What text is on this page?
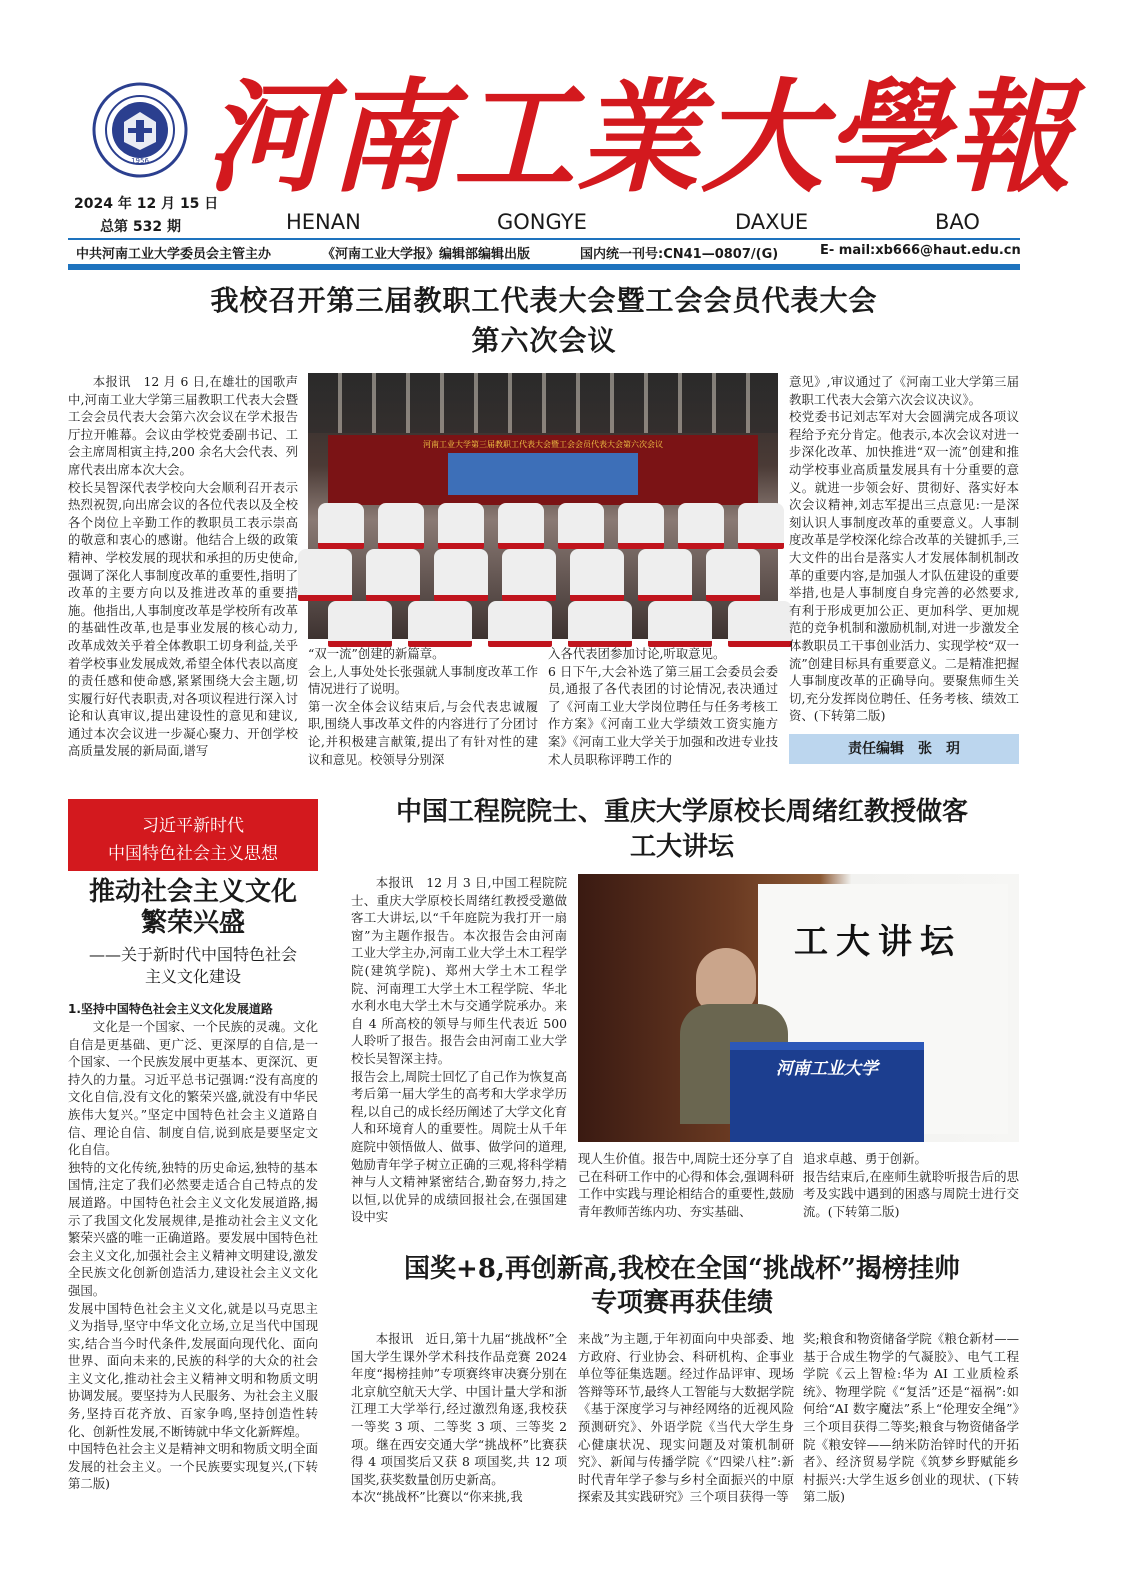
1956 河南工業大學報
2024 年 12 月 15 日
总第 532 期	HENAN	GONGYE	DAXUE	BAO
中共河南工业大学委员会主管主办	《河南工业大学报》编辑部编辑出版	国内统一刊号:CN41—0807/(G)	E- mail:xb666@haut.edu.cn
我校召开第三届教职工代表大会暨工会会员代表大会
第六次会议
本报讯　12 月 6 日,在雄壮的国歌声中,河南工业大学第三届教职工代表大会暨工会会员代表大会第六次会议在学术报告厅拉开帷幕。会议由学校党委副书记、工会主席周相寅主持,200 余名大会代表、列席代表出席本次大会。
校长吴智深代表学校向大会顺利召开表示热烈祝贺,向出席会议的各位代表以及全校各个岗位上辛勤工作的教职员工表示崇高的敬意和衷心的感谢。他结合上级的政策精神、学校发展的现状和承担的历史使命,强调了深化人事制度改革的重要性,指明了改革的主要方向以及推进改革的重要措施。他指出,人事制度改革是学校所有改革的基础性改革,也是事业发展的核心动力,改革成效关乎着全体教职工切身利益,关乎着学校事业发展成效,希望全体代表以高度的责任感和使命感,紧紧围绕大会主题,切实履行好代表职责,对各项议程进行深入讨论和认真审议,提出建设性的意见和建议,通过本次会议进一步凝心聚力、开创学校高质量发展的新局面,谱写
河南工业大学第三届教职工代表大会暨工会会员代表大会第六次会议
“双一流”创建的新篇章。
会上,人事处处长张强就人事制度改革工作情况进行了说明。
第一次全体会议结束后,与会代表忠诚履职,围绕人事改革文件的内容进行了分团讨论,并积极建言献策,提出了有针对性的建议和意见。校领导分别深
入各代表团参加讨论,听取意见。
6 日下午,大会补选了第三届工会委员会委员,通报了各代表团的讨论情况,表决通过了《河南工业大学岗位聘任与任务考核工作方案》《河南工业大学绩效工资实施方案》《河南工业大学关于加强和改进专业技术人员职称评聘工作的
意见》,审议通过了《河南工业大学第三届教职工代表大会第六次会议决议》。
校党委书记刘志军对大会圆满完成各项议程给予充分肯定。他表示,本次会议对进一步深化改革、加快推进“双一流”创建和推动学校事业高质量发展具有十分重要的意义。就进一步领会好、贯彻好、落实好本次会议精神,刘志军提出三点意见:一是深刻认识人事制度改革的重要意义。人事制度改革是学校深化综合改革的关键抓手,三大文件的出台是落实人才发展体制机制改革的重要内容,是加强人才队伍建设的重要举措,也是人事制度自身完善的必然要求,有利于形成更加公正、更加科学、更加规范的竞争机制和激励机制,对进一步激发全体教职员工干事创业活力、实现学校“双一流”创建目标具有重要意义。二是精准把握人事制度改革的正确导向。要聚焦师生关切,充分发挥岗位聘任、任务考核、绩效工资、(下转第二版)
责任编辑　张　玥
习近平新时代
中国特色社会主义思想
推动社会主义文化
繁荣兴盛
——关于新时代中国特色社会
主义文化建设
1.坚持中国特色社会主义文化发展道路
文化是一个国家、一个民族的灵魂。文化自信是更基础、更广泛、更深厚的自信,是一个国家、一个民族发展中更基本、更深沉、更持久的力量。习近平总书记强调:“没有高度的文化自信,没有文化的繁荣兴盛,就没有中华民族伟大复兴。”坚定中国特色社会主义道路自信、理论自信、制度自信,说到底是要坚定文化自信。
独特的文化传统,独特的历史命运,独特的基本国情,注定了我们必然要走适合自己特点的发展道路。中国特色社会主义文化发展道路,揭示了我国文化发展规律,是推动社会主义文化繁荣兴盛的唯一正确道路。要发展中国特色社会主义文化,加强社会主义精神文明建设,激发全民族文化创新创造活力,建设社会主义文化强国。
发展中国特色社会主义文化,就是以马克思主义为指导,坚守中华文化立场,立足当代中国现实,结合当今时代条件,发展面向现代化、面向世界、面向未来的,民族的科学的大众的社会主义文化,推动社会主义精神文明和物质文明协调发展。要坚持为人民服务、为社会主义服务,坚持百花齐放、百家争鸣,坚持创造性转化、创新性发展,不断铸就中华文化新辉煌。
中国特色社会主义是精神文明和物质文明全面发展的社会主义。一个民族要实现复兴,(下转第二版)
中国工程院院士、重庆大学原校长周绪红教授做客
工大讲坛
本报讯　12 月 3 日,中国工程院院士、重庆大学原校长周绪红教授受邀做客工大讲坛,以“千年庭院为我打开一扇窗”为主题作报告。本次报告会由河南工业大学主办,河南工业大学土木工程学院(建筑学院)、郑州大学土木工程学院、河南理工大学土木工程学院、华北水利水电大学土木与交通学院承办。来自 4 所高校的领导与师生代表近 500 人聆听了报告。报告会由河南工业大学校长吴智深主持。
报告会上,周院士回忆了自己作为恢复高考后第一届大学生的高考和大学求学历程,以自己的成长经历阐述了大学文化育人和环境育人的重要性。周院士从千年庭院中领悟做人、做事、做学问的道理,勉励青年学子树立正确的三观,将科学精神与人文精神紧密结合,勤奋努力,持之以恒,以优异的成绩回报社会,在强国建设中实
工大讲坛
河南工业大学
现人生价值。报告中,周院士还分享了自己在科研工作中的心得和体会,强调科研工作中实践与理论相结合的重要性,鼓励青年教师苦练内功、夯实基础、
追求卓越、勇于创新。
报告结束后,在座师生就聆听报告后的思考及实践中遇到的困惑与周院士进行交流。(下转第二版)
国奖+8,再创新高,我校在全国“挑战杯”揭榜挂帅
专项赛再获佳绩
本报讯　近日,第十九届“挑战杯”全国大学生课外学术科技作品竞赛 2024 年度“揭榜挂帅”专项赛终审决赛分别在北京航空航天大学、中国计量大学和浙江理工大学举行,经过激烈角逐,我校获一等奖 3 项、二等奖 3 项、三等奖 2 项。继在西安交通大学“挑战杯”比赛获得 4 项国奖后又获 8 项国奖,共 12 项国奖,获奖数量创历史新高。
本次“挑战杯”比赛以“你来挑,我
来战”为主题,于年初面向中央部委、地方政府、行业协会、科研机构、企事业单位等征集选题。经过作品评审、现场答辩等环节,最终人工智能与大数据学院《基于深度学习与神经网络的近视风险预测研究》、外语学院《当代大学生身心健康状况、现实问题及对策机制研究》、新闻与传播学院《“四梁八柱”:新时代青年学子参与乡村全面振兴的中原探索及其实践研究》三个项目获得一等
奖;粮食和物资储备学院《粮仓新材——基于合成生物学的气凝胶》、电气工程学院《云上智检:华为 AI 工业质检系统》、物理学院《“复活”还是“福祸”:如何给“AI 数字魔法”系上“伦理安全绳”》三个项目获得二等奖;粮食与物资储备学院《粮安锌——纳米防治锌时代的开拓者》、经济贸易学院《筑梦乡野赋能乡村振兴:大学生返乡创业的现状、(下转第二版)
